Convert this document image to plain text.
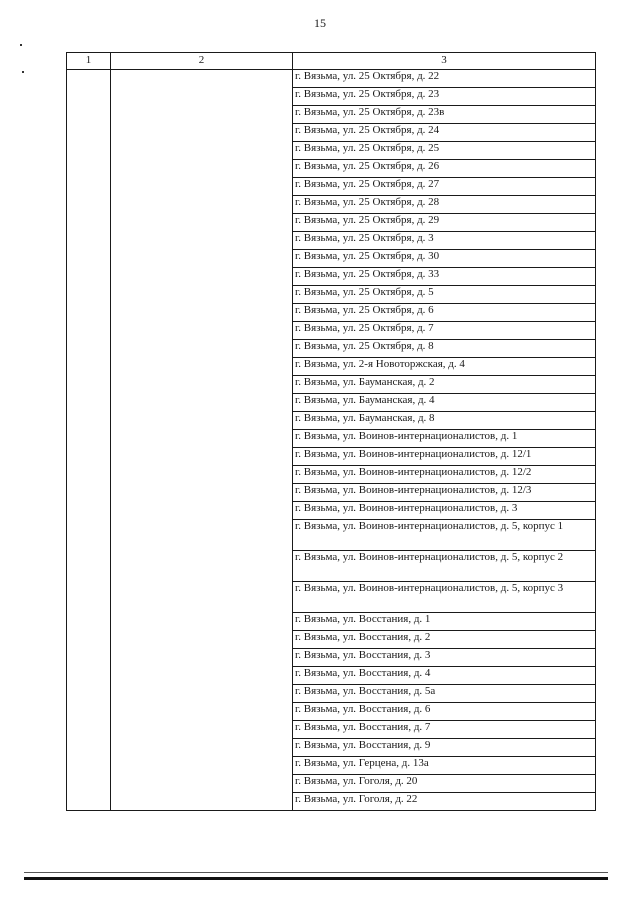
15
1	2	3
		г. Вязьма, ул. 25 Октября, д. 22
		г. Вязьма, ул. 25 Октября, д. 23
		г. Вязьма, ул. 25 Октября, д. 23в
		г. Вязьма, ул. 25 Октября, д. 24
		г. Вязьма, ул. 25 Октября, д. 25
		г. Вязьма, ул. 25 Октября, д. 26
		г. Вязьма, ул. 25 Октября, д. 27
		г. Вязьма, ул. 25 Октября, д. 28
		г. Вязьма, ул. 25 Октября, д. 29
		г. Вязьма, ул. 25 Октября, д. 3
		г. Вязьма, ул. 25 Октября, д. 30
		г. Вязьма, ул. 25 Октября, д. 33
		г. Вязьма, ул. 25 Октября, д. 5
		г. Вязьма, ул. 25 Октября, д. 6
		г. Вязьма, ул. 25 Октября, д. 7
		г. Вязьма, ул. 25 Октября, д. 8
		г. Вязьма, ул. 2-я Новоторжская, д. 4
		г. Вязьма, ул. Бауманская, д. 2
		г. Вязьма, ул. Бауманская, д. 4
		г. Вязьма, ул. Бауманская, д. 8
		г. Вязьма, ул. Воинов-интернационалистов, д. 1
		г. Вязьма, ул. Воинов-интернационалистов, д. 12/1
		г. Вязьма, ул. Воинов-интернационалистов, д. 12/2
		г. Вязьма, ул. Воинов-интернационалистов, д. 12/3
		г. Вязьма, ул. Воинов-интернационалистов, д. 3
		г. Вязьма, ул. Воинов-интернационалистов, д. 5, корпус 1
		г. Вязьма, ул. Воинов-интернационалистов, д. 5, корпус 2
		г. Вязьма, ул. Воинов-интернационалистов, д. 5, корпус 3
		г. Вязьма, ул. Восстания, д. 1
		г. Вязьма, ул. Восстания, д. 2
		г. Вязьма, ул. Восстания, д. 3
		г. Вязьма, ул. Восстания, д. 4
		г. Вязьма, ул. Восстания, д. 5а
		г. Вязьма, ул. Восстания, д. 6
		г. Вязьма, ул. Восстания, д. 7
		г. Вязьма, ул. Восстания, д. 9
		г. Вязьма, ул. Герцена, д. 13а
		г. Вязьма, ул. Гоголя, д. 20
		г. Вязьма, ул. Гоголя, д. 22
